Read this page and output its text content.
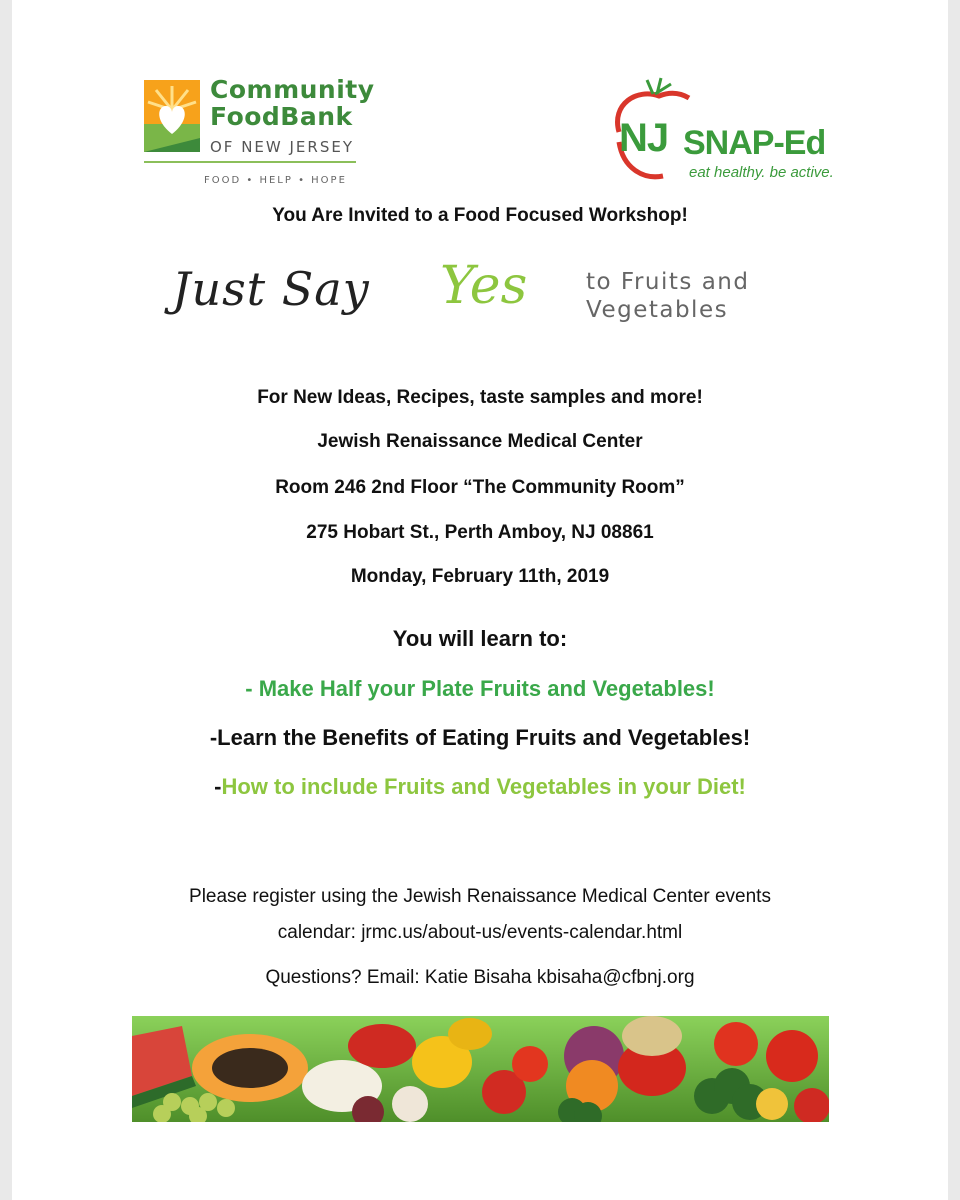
Community
FoodBank
OF NEW JERSEY
FOOD • HELP • HOPE
NJ SNAP-Ed
eat healthy. be active.
You Are Invited to a Food Focused Workshop!
Just Say Yes	to Fruits and
Vegetables
For New Ideas, Recipes, taste samples and more!
Jewish Renaissance Medical Center
Room 246 2nd Floor “The Community Room”
275 Hobart St., Perth Amboy, NJ 08861
Monday, February 11th, 2019
You will learn to:
- Make Half your Plate Fruits and Vegetables!
-Learn the Benefits of Eating Fruits and Vegetables!
-How to include Fruits and Vegetables in your Diet!
Please register using the Jewish Renaissance Medical Center events
calendar: jrmc.us/about-us/events-calendar.html
Questions? Email: Katie Bisaha kbisaha@cfbnj.org
